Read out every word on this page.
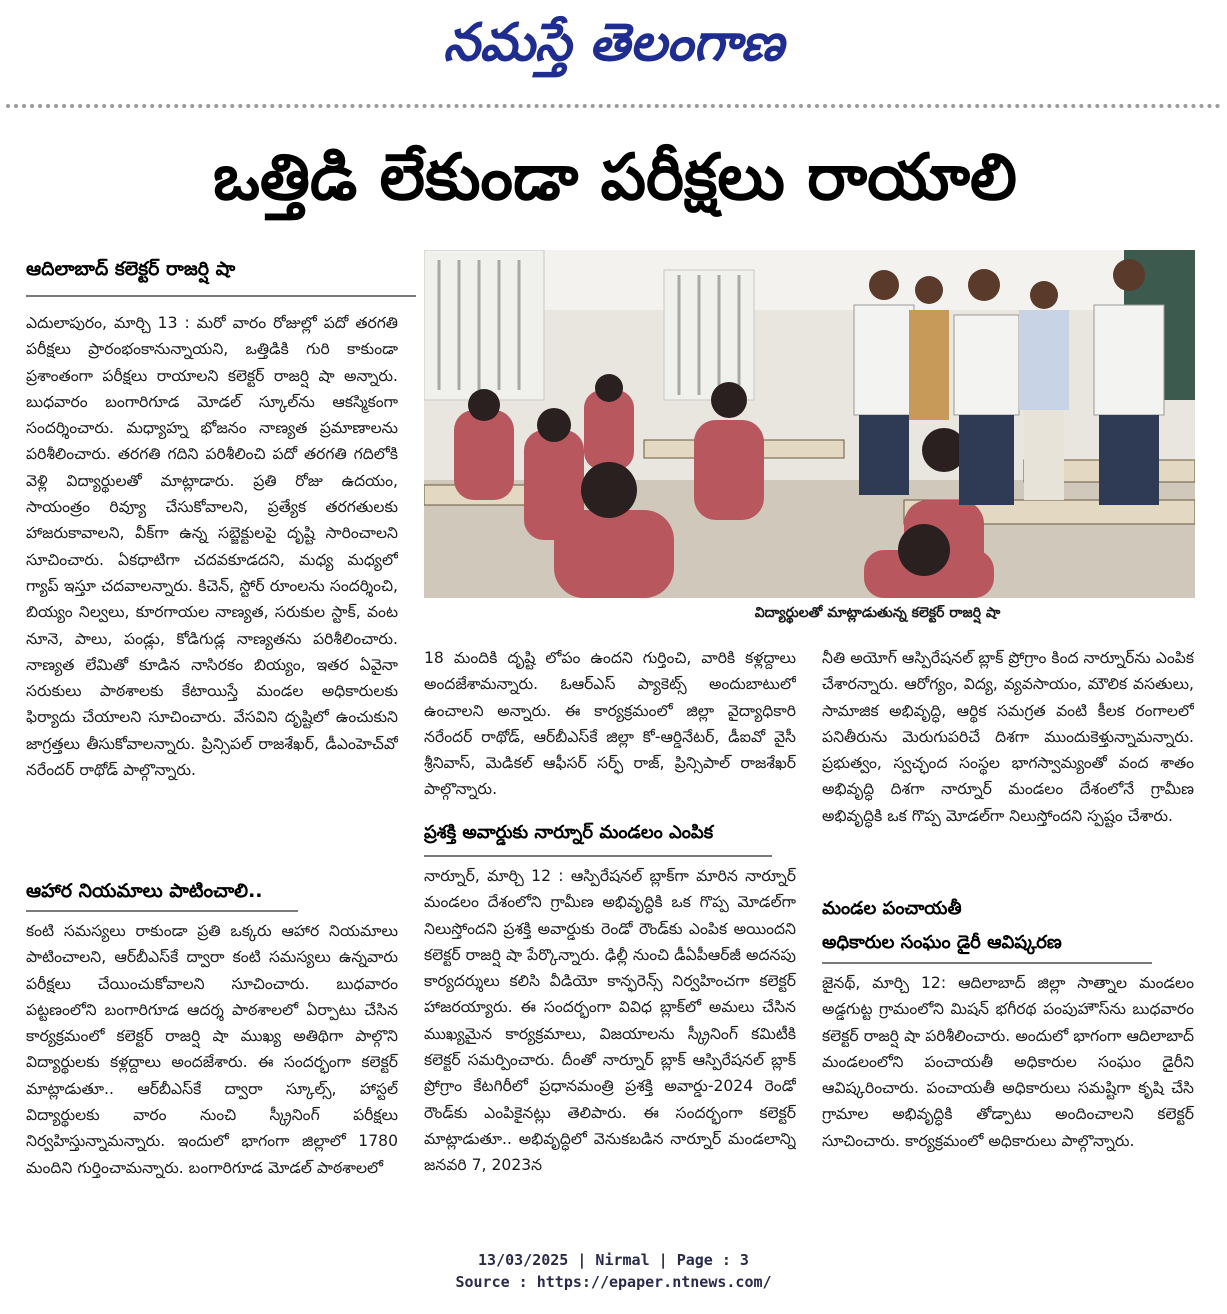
నమస్తే తెలంగాణ
ఒత్తిడి లేకుండా పరీక్షలు రాయాలి
ఆదిలాబాద్ కలెక్టర్ రాజర్షి షా

ఎదులాపురం, మార్చి 13 : మరో వారం రోజుల్లో పదో తరగతి పరీక్షలు ప్రారంభంకానున్నాయని, ఒత్తిడికి గురి కాకుండా ప్రశాంతంగా పరీక్షలు రాయాలని కలెక్టర్ రాజర్షి షా అన్నారు. బుధవారం బంగారిగూడ మోడల్ స్కూల్‌ను ఆకస్మికంగా సందర్శించారు. మధ్యాహ్న భోజనం నాణ్యత ప్రమాణాలను పరిశీలించారు. తరగతి గదిని పరిశీలించి పదో తరగతి గదిలోకి వెళ్లి విద్యార్థులతో మాట్లాడారు. ప్రతి రోజు ఉదయం, సాయంత్రం రివ్యూ చేసుకోవాలని, ప్రత్యేక తరగతులకు హాజరుకావాలని, వీక్‌గా ఉన్న సబ్జెక్టులపై దృష్టి సారించాలని సూచించారు. ఏకధాటిగా చదవకూడదని, మధ్య మధ్యలో గ్యాప్ ఇస్తూ చదవాలన్నారు. కిచెన్, స్టోర్ రూంలను సందర్శించి, బియ్యం నిల్వలు, కూరగాయల నాణ్యత, సరుకుల స్టాక్, వంట నూనె, పాలు, పండ్లు, కోడిగుడ్ల నాణ్యతను పరిశీలించారు. నాణ్యత లేమితో కూడిన నాసిరకం బియ్యం, ఇతర ఏవైనా సరుకులు పాఠశాలకు కేటాయిస్తే మండల అధికారులకు ఫిర్యాదు చేయాలని సూచించారు. వేసవిని దృష్టిలో ఉంచుకుని జాగ్రత్తలు తీసుకోవాలన్నారు. ప్రిన్సిపల్ రాజశేఖర్, డీఎంహెచ్‌వో నరేందర్ రాథోడ్ పాల్గొన్నారు.

ఆహార నియమాలు పాటించాలి..

కంటి సమస్యలు రాకుండా ప్రతి ఒక్కరు ఆహార నియమాలు పాటించాలని, ఆర్‌బీఎస్‌కే ద్వారా కంటి సమస్యలు ఉన్నవారు పరీక్షలు చేయించుకోవాలని సూచించారు. బుధవారం పట్టణంలోని బంగారిగూడ ఆదర్శ పాఠశాలలో ఏర్పాటు చేసిన కార్యక్రమంలో కలెక్టర్ రాజర్షి షా ముఖ్య అతిథిగా పాల్గొని విద్యార్థులకు కళ్లద్దాలు అందజేశారు. ఈ సందర్భంగా కలెక్టర్ మాట్లాడుతూ.. ఆర్‌బీఎస్‌కే ద్వారా స్కూల్స్, హాస్టల్ విద్యార్థులకు వారం నుంచి స్క్రీనింగ్ పరీక్షలు నిర్వహిస్తున్నామన్నారు. ఇందులో భాగంగా జిల్లాలో 1780 మందిని గుర్తించామన్నారు. బంగారిగూడ మోడల్ పాఠశాలలో

విద్యార్థులతో మాట్లాడుతున్న కలెక్టర్ రాజర్షి షా

18 మందికి దృష్టి లోపం ఉందని గుర్తించి, వారికి కళ్లద్దాలు అందజేశామన్నారు. ఓఆర్‌ఎస్ ప్యాకెట్స్ అందుబాటులో ఉంచాలని అన్నారు. ఈ కార్యక్రమంలో జిల్లా వైద్యాధికారి నరేందర్ రాథోడ్, ఆర్‌బీఎస్‌కే జిల్లా కో-ఆర్డినేటర్, డీఐవో వైసీ శ్రీనివాస్, మెడికల్ ఆఫీసర్ సర్ఫ్ రాజ్, ప్రిన్సిపాల్ రాజశేఖర్ పాల్గొన్నారు.

ప్రశక్తి అవార్డుకు నార్నూర్ మండలం ఎంపిక

నార్నూర్, మార్చి 12 : ఆస్పిరేషనల్ బ్లాక్‌గా మారిన నార్నూర్ మండలం దేశంలోని గ్రామీణ అభివృద్ధికి ఒక గొప్ప మోడల్‌గా నిలుస్తోందని ప్రశక్తి అవార్డుకు రెండో రౌండ్‌కు ఎంపిక అయిందని కలెక్టర్ రాజర్షి షా పేర్కొన్నారు. ఢిల్లీ నుంచి డీఏపీఆర్‌జీ అదనపు కార్యదర్శులు కలిసి వీడియో కాన్ఫరెన్స్ నిర్వహించగా కలెక్టర్ హాజరయ్యారు. ఈ సందర్భంగా వివిధ బ్లాక్‌లో అమలు చేసిన ముఖ్యమైన కార్యక్రమాలు, విజయాలను స్క్రీనింగ్ కమిటీకి కలెక్టర్ సమర్పించారు. దీంతో నార్నూర్ బ్లాక్ ఆస్పిరేషనల్ బ్లాక్ ప్రోగ్రాం కేటగిరీలో ప్రధానమంత్రి ప్రశక్తి అవార్డు-2024 రెండో రౌండ్‌కు ఎంపికైనట్లు తెలిపారు. ఈ సందర్భంగా కలెక్టర్ మాట్లాడుతూ.. అభివృద్ధిలో వెనుకబడిన నార్నూర్ మండలాన్ని జనవరి 7, 2023న

నీతి అయోగ్ ఆస్పిరేషనల్ బ్లాక్ ప్రోగ్రాం కింద నార్నూర్‌ను ఎంపిక చేశారన్నారు. ఆరోగ్యం, విద్య, వ్యవసాయం, మౌలిక వసతులు, సామాజిక అభివృద్ధి, ఆర్థిక సమగ్రత వంటి కీలక రంగాలలో పనితీరును మెరుగుపరిచే దిశగా ముందుకెళ్తున్నామన్నారు. ప్రభుత్వం, స్వచ్ఛంద సంస్థల భాగస్వామ్యంతో వంద శాతం అభివృద్ధి దిశగా నార్నూర్ మండలం దేశంలోనే గ్రామీణ అభివృద్ధికి ఒక గొప్ప మోడల్‌గా నిలుస్తోందని స్పష్టం చేశారు.

మండల పంచాయతీ
అధికారుల సంఘం డైరీ ఆవిష్కరణ

జైనథ్, మార్చి 12: ఆదిలాబాద్ జిల్లా సాత్నాల మండలం అడ్డగుట్ట గ్రామంలోని మిషన్ భగీరథ పంపుహౌస్‌ను బుధవారం కలెక్టర్ రాజర్షి షా పరిశీలించారు. అందులో భాగంగా ఆదిలాబాద్ మండలంలోని పంచాయతీ అధికారుల సంఘం డైరీని ఆవిష్కరించారు. పంచాయతీ అధికారులు సమష్టిగా కృషి చేసి గ్రామాల అభివృద్ధికి తోడ్పాటు అందించాలని కలెక్టర్ సూచించారు. కార్యక్రమంలో అధికారులు పాల్గొన్నారు.

13/03/2025 | Nirmal | Page : 3
Source : https://epaper.ntnews.com/
